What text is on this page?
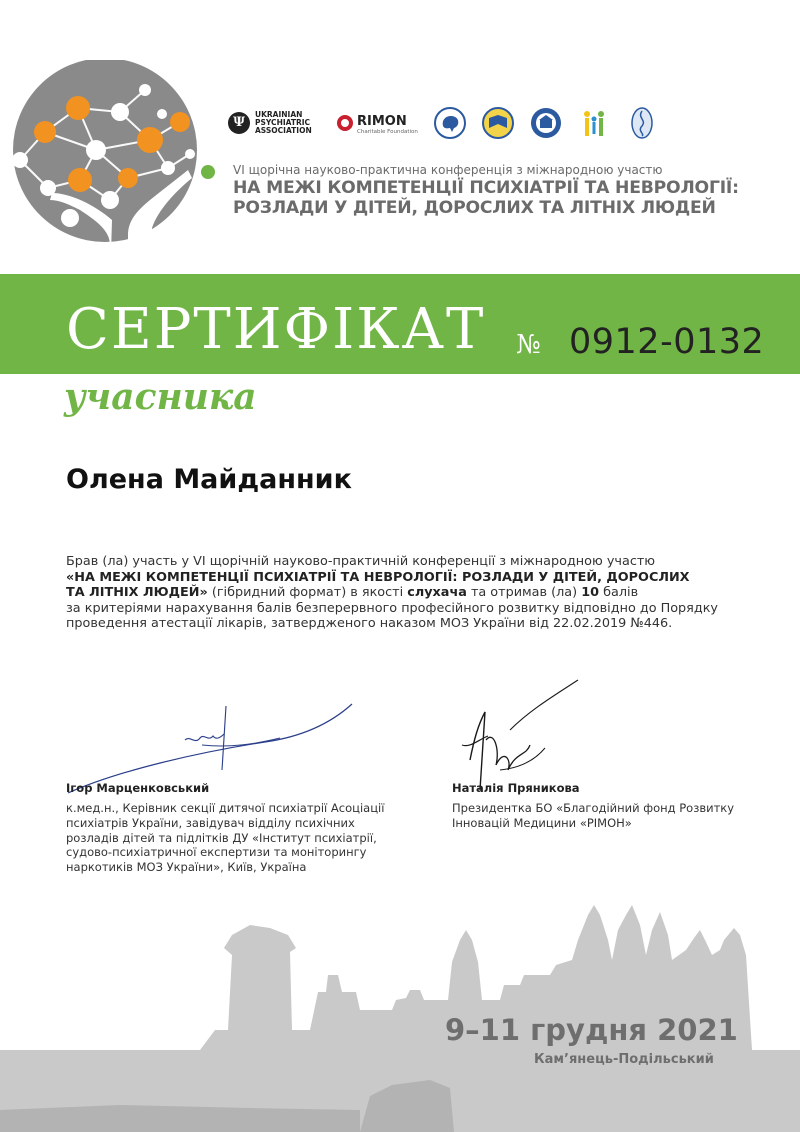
Ψ
UKRAINIAN
PSYCHIATRIC
ASSOCIATION
RIMON
Charitable Foundation
VI щорічна науково-практична конференція з міжнародною участю
НА МЕЖІ КОМПЕТЕНЦІЇ ПСИХІАТРІЇ ТА НЕВРОЛОГІЇ:
РОЗЛАДИ У ДІТЕЙ, ДОРОСЛИХ ТА ЛІТНІХ ЛЮДЕЙ
СЕРТИФІКАТ № 0912-0132
учасника
Олена Майданник
Брав (ла) участь у VI щорічній науково-практичній конференції з міжнародною участю
«НА МЕЖІ КОМПЕТЕНЦІЇ ПСИХІАТРІЇ ТА НЕВРОЛОГІЇ: РОЗЛАДИ У ДІТЕЙ, ДОРОСЛИХ
ТА ЛІТНІХ ЛЮДЕЙ» (гібридний формат) в якості слухача та отримав (ла) 10 балів
за критеріями нарахування балів безперервного професійного розвитку відповідно до Порядку
проведення атестації лікарів, затвердженого наказом МОЗ України від 22.02.2019 №446.
Ігор Марценковський
к.мед.н., Керівник секції дитячої психіатрії Асоціації психіатрів України, завідувач відділу психічних розладів дітей та підлітків ДУ «Інститут психіатрії, судово-психіатричної експертизи та моніторингу наркотиків МОЗ України», Київ, Україна
Наталія Пряникова
Президентка БО «Благодійний фонд Розвитку Інновацій Медицини «РІМОН»
9–11 грудня 2021
Кам’янець-Подільський
